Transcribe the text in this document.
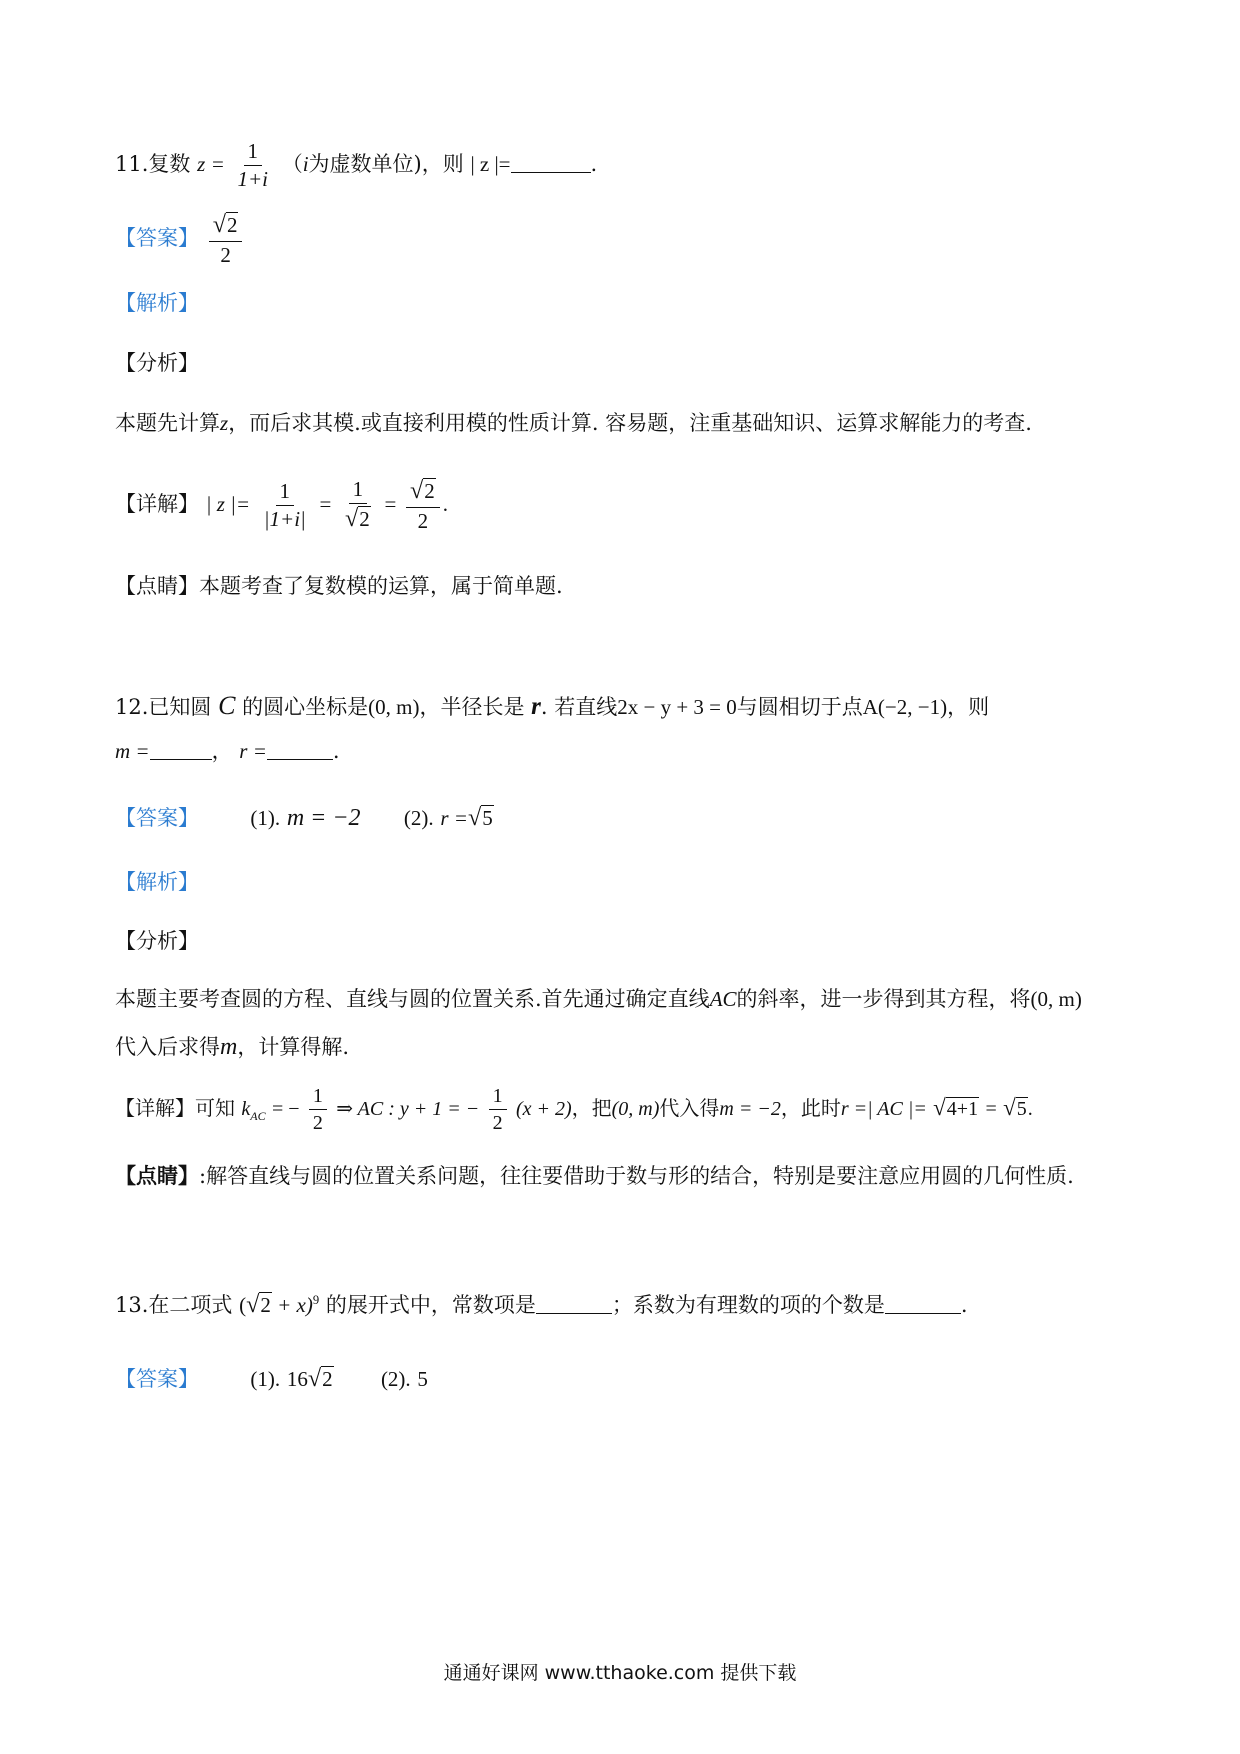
11.复数 $z = \frac{1}{1+i} (i$为虚数单位)，则 | z |=	.
【答案】 $\frac{√2}{2}$
【解析】
【分析】
本题先计算z，而后求其模.或直接利用模的性质计算. 容易题，注重基础知识、运算求解能力的考查.
【详解】 | z |= $\frac{1}{|1+i|} = \frac{1}{√2} = \frac{√2}{2}$ .
【点睛】本题考查了复数模的运算，属于简单题.
12.已知圆 C 的圆心坐标是(0, m)，半径长是 r. 若直线2x − y + 3 = 0与圆相切于点A(−2, −1)，则
m =	， r =	.
【答案】 (1). m = −2 (2). r =√5
【解析】
【分析】
本题主要考查圆的方程、直线与圆的位置关系.首先通过确定直线AC的斜率，进一步得到其方程，将(0, m)
代入后求得m，计算得解.
【详解】可知 $k_{AC}$ = − $\frac{1}{2}$ ⇒ AC : y + 1 = − $\frac{1}{2} (x + 2)$，把(0, m)代入得m = −2，此时r =| AC |= √4+1 = √5.
【点睛】:解答直线与圆的位置关系问题，往往要借助于数与形的结合，特别是要注意应用圆的几何性质.
13.在二项式 $(√2 + x)^9$ 的展开式中，常数项是	；系数为有理数的项的个数是	.
【答案】 (1). 16√2 (2). 5
通通好课网 www.tthaoke.com 提供下载
